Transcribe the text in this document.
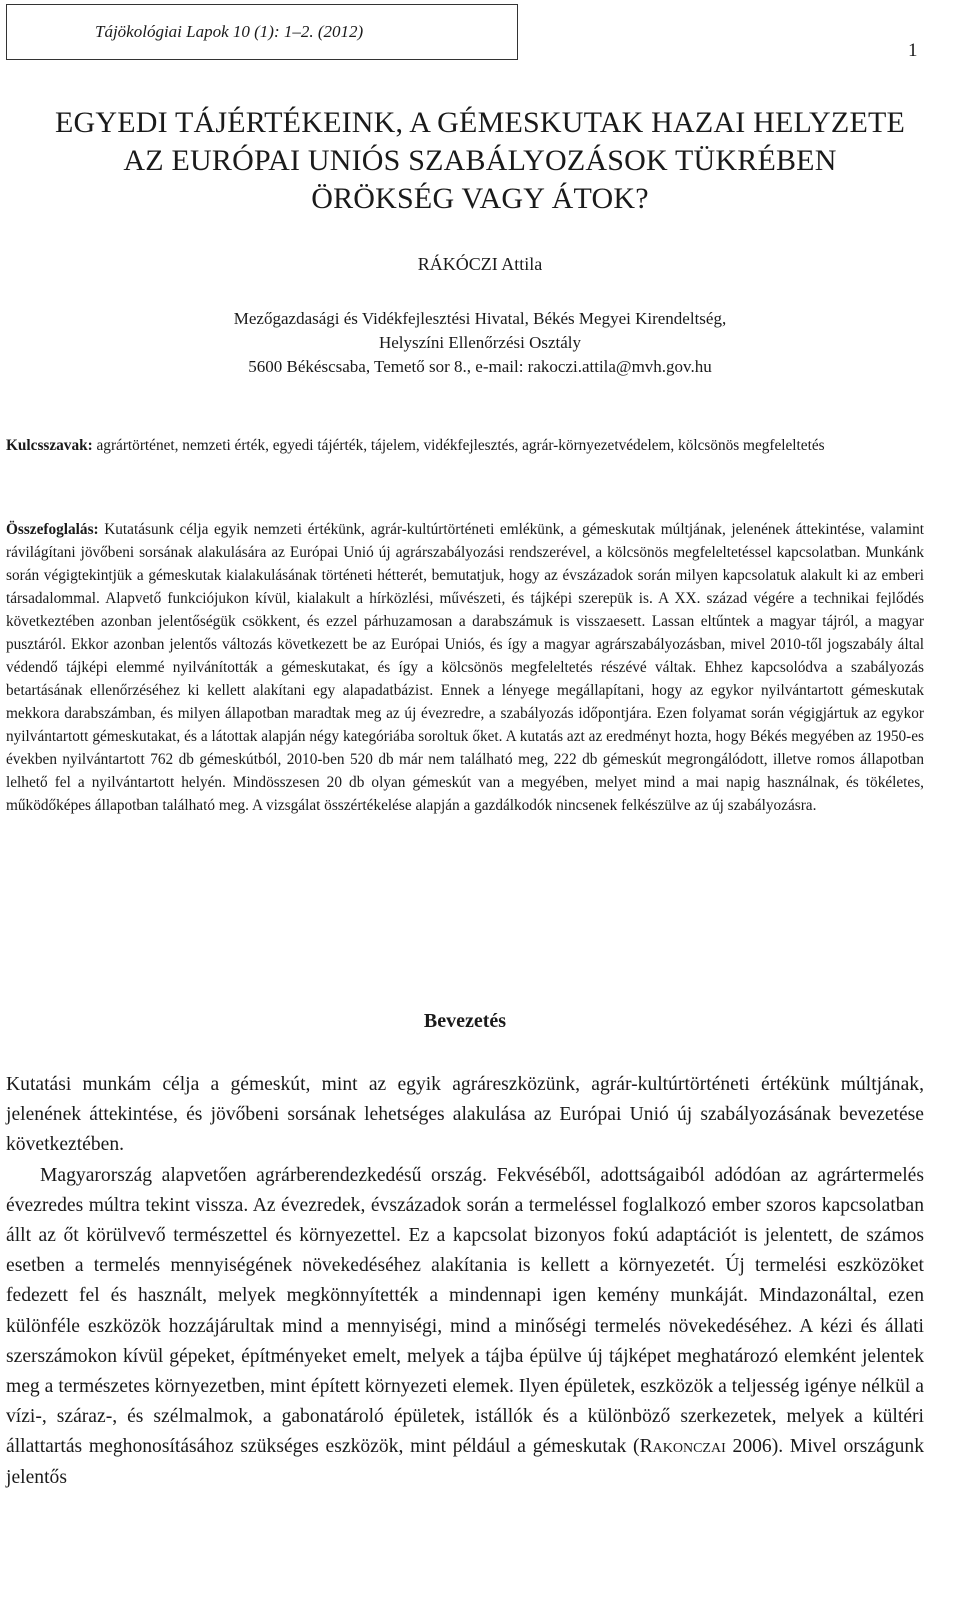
Tájökológiai Lapok 10 (1): 1–2. (2012)
1
EGYEDI TÁJÉRTÉKEINK, A GÉMESKUTAK HAZAI HELYZETE
AZ EURÓPAI UNIÓS SZABÁLYOZÁSOK TÜKRÉBEN
ÖRÖKSÉG VAGY ÁTOK?
RÁKÓCZI Attila
Mezőgazdasági és Vidékfejlesztési Hivatal, Békés Megyei Kirendeltség,
Helyszíni Ellenőrzési Osztály
5600 Békéscsaba, Temető sor 8., e-mail: rakoczi.attila@mvh.gov.hu
Kulcsszavak: agrártörténet, nemzeti érték, egyedi tájérték, tájelem, vidékfejlesztés, agrár-környezetvédelem, kölcsönös megfeleltetés
Összefoglalás: Kutatásunk célja egyik nemzeti értékünk, agrár-kultúrtörténeti emlékünk, a gémeskutak múltjának, jelenének áttekintése, valamint rávilágítani jövőbeni sorsának alakulására az Európai Unió új agrárszabályozási rendszerével, a kölcsönös megfeleltetéssel kapcsolatban. Munkánk során végigtekintjük a gémeskutak kialakulásának történeti hétterét, bemutatjuk, hogy az évszázadok során milyen kapcsolatuk alakult ki az emberi társadalommal. Alapvető funkciójukon kívül, kialakult a hírközlési, művészeti, és tájképi szerepük is. A XX. század végére a technikai fejlődés következtében azonban jelentőségük csökkent, és ezzel párhuzamosan a darabszámuk is visszaesett. Lassan eltűntek a magyar tájról, a magyar pusztáról. Ekkor azonban jelentős változás következett be az Európai Uniós, és így a magyar agrárszabályozásban, mivel 2010-től jogszabály által védendő tájképi elemmé nyilvánították a gémeskutakat, és így a kölcsönös megfeleltetés részévé váltak. Ehhez kapcsolódva a szabályozás betartásának ellenőrzéséhez ki kellett alakítani egy alapadatbázist. Ennek a lényege megállapítani, hogy az egykor nyilvántartott gémeskutak mekkora darabszámban, és milyen állapotban maradtak meg az új évezredre, a szabályozás időpontjára. Ezen folyamat során végigjártuk az egykor nyilvántartott gémeskutakat, és a látottak alapján négy kategóriába soroltuk őket. A kutatás azt az eredményt hozta, hogy Békés megyében az 1950-es években nyilvántartott 762 db gémeskútból, 2010-ben 520 db már nem található meg, 222 db gémeskút megrongálódott, illetve romos állapotban lelhető fel a nyilvántartott helyén. Mindösszesen 20 db olyan gémeskút van a megyében, melyet mind a mai napig használnak, és tökéletes, működőképes állapotban található meg. A vizsgálat összértékelése alapján a gazdálkodók nincsenek felkészülve az új szabályozásra.
Bevezetés

Kutatási munkám célja a gémeskút, mint az egyik agráreszközünk, agrár-kultúrtörténeti értékünk múltjának, jelenének áttekintése, és jövőbeni sorsának lehetséges alakulása az Európai Unió új szabályozásának bevezetése következtében.

Magyarország alapvetően agrárberendezkedésű ország. Fekvéséből, adottságaiból adódóan az agrártermelés évezredes múltra tekint vissza. Az évezredek, évszázadok során a termeléssel foglalkozó ember szoros kapcsolatban állt az őt körülvevő természettel és környezettel. Ez a kapcsolat bizonyos fokú adaptációt is jelentett, de számos esetben a termelés mennyiségének növekedéséhez alakítania is kellett a környezetét. Új termelési eszközöket fedezett fel és használt, melyek megkönnyítették a mindennapi igen kemény munkáját. Mindazonáltal, ezen különféle eszközök hozzájárultak mind a mennyiségi, mind a minőségi termelés növekedéséhez. A kézi és állati szerszámokon kívül gépeket, építményeket emelt, melyek a tájba épülve új tájképet meghatározó elemként jelentek meg a természetes környezetben, mint épített környezeti elemek. Ilyen épületek, eszközök a teljesség igénye nélkül a vízi-, száraz-, és szélmalmok, a gabonatároló épületek, istállók és a különböző szerkezetek, melyek a kültéri állattartás meghonosításához szükséges eszközök, mint például a gémeskutak (Rakonczai 2006). Mivel országunk jelentős
